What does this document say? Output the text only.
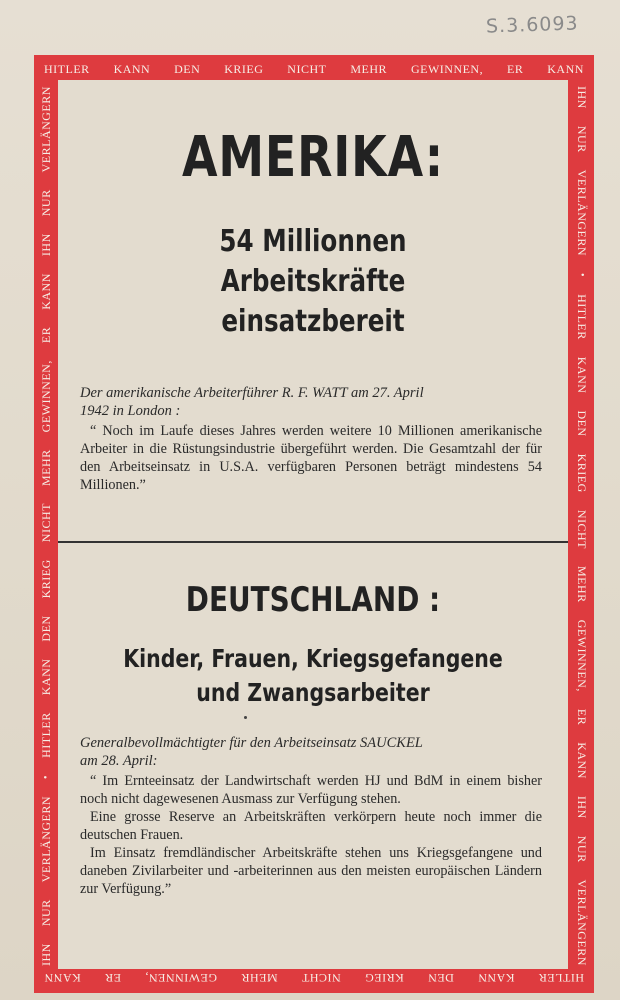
S.3.6093
HITLER KANN DEN KRIEG NICHT MEHR GEWINNEN, ER KANN
HITLER
KANN
DEN
KRIEG
NICHT
MEHR
GEWINNEN,
ER
KANN
IHN
NUR
VERLÄNGERN
•
HITLER
KANN
DEN
KRIEG
NICHT
MEHR
GEWINNEN,
ER
KANN
IHN
NUR
VERLÄNGERN
IHN
NUR
VERLÄNGERN
•
HITLER
KANN
DEN
KRIEG
NICHT
MEHR
GEWINNEN,
ER
KANN
IHN
NUR
VERLÄNGERN	AMERIKA:
54 Millionnen
Arbeitskräfte
einsatzbereit
Der amerikanische Arbeiterführer R. F. WATT am 27. April
1942 in London :

“ Noch im Laufe dieses Jahres werden weitere 10 Millionen amerikanische Arbeiter in die Rüstungsindustrie übergeführt werden. Die Gesamtzahl der für den Arbeitseinsatz in U.S.A. verfügbaren Personen beträgt mindestens 54 Millionen.”

DEUTSCHLAND :
Kinder, Frauen, Kriegsgefangene
und Zwangsarbeiter
Generalbevollmächtigter für den Arbeitseinsatz SAUCKEL
am 28. April:

“ Im Ernteeinsatz der Landwirtschaft werden HJ und BdM in einem bisher noch nicht dagewesenen Ausmass zur Verfügung stehen.

Eine grosse Reserve an Arbeitskräften verkörpern heute noch immer die deutschen Frauen.

Im Einsatz fremdländischer Arbeitskräfte stehen uns Kriegsgefangene und daneben Zivilarbeiter und -arbeiterinnen aus den meisten europäischen Ländern zur Verfügung.”
